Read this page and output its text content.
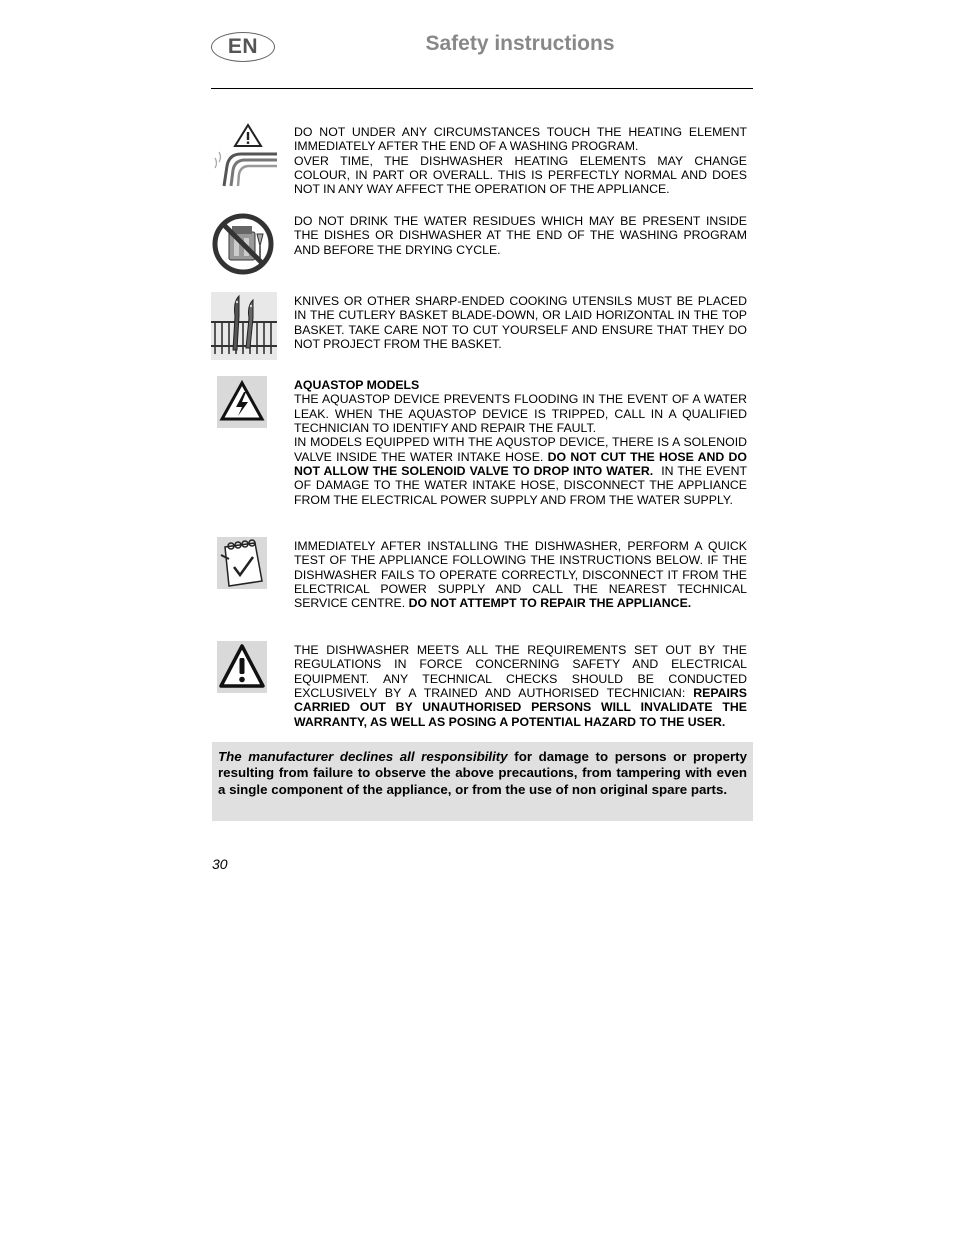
EN	Safety instructions

DO NOT UNDER ANY CIRCUMSTANCES TOUCH THE HEATING ELEMENT IMMEDIATELY AFTER THE END OF A WASHING PROGRAM.

OVER TIME, THE DISHWASHER HEATING ELEMENTS MAY CHANGE COLOUR, IN PART OR OVERALL. THIS IS PERFECTLY NORMAL AND DOES NOT IN ANY WAY AFFECT THE OPERATION OF THE APPLIANCE.

DO NOT DRINK THE WATER RESIDUES WHICH MAY BE PRESENT INSIDE THE DISHES OR DISHWASHER AT THE END OF THE WASHING PROGRAM AND BEFORE THE DRYING CYCLE.

KNIVES OR OTHER SHARP-ENDED COOKING UTENSILS MUST BE PLACED IN THE CUTLERY BASKET BLADE-DOWN, OR LAID HORIZONTAL IN THE TOP BASKET. TAKE CARE NOT TO CUT YOURSELF AND ENSURE THAT THEY DO NOT PROJECT FROM THE BASKET.

AQUASTOP MODELS

THE AQUASTOP DEVICE PREVENTS FLOODING IN THE EVENT OF A WATER LEAK. WHEN THE AQUASTOP DEVICE IS TRIPPED, CALL IN A QUALIFIED TECHNICIAN TO IDENTIFY AND REPAIR THE FAULT.

IN MODELS EQUIPPED WITH THE AQUSTOP DEVICE, THERE IS A SOLENOID VALVE INSIDE THE WATER INTAKE HOSE. DO NOT CUT THE HOSE AND DO NOT ALLOW THE SOLENOID VALVE TO DROP INTO WATER. IN THE EVENT OF DAMAGE TO THE WATER INTAKE HOSE, DISCONNECT THE APPLIANCE FROM THE ELECTRICAL POWER SUPPLY AND FROM THE WATER SUPPLY.

IMMEDIATELY AFTER INSTALLING THE DISHWASHER, PERFORM A QUICK TEST OF THE APPLIANCE FOLLOWING THE INSTRUCTIONS BELOW. IF THE DISHWASHER FAILS TO OPERATE CORRECTLY, DISCONNECT IT FROM THE ELECTRICAL POWER SUPPLY AND CALL THE NEAREST TECHNICAL SERVICE CENTRE. DO NOT ATTEMPT TO REPAIR THE APPLIANCE.

THE DISHWASHER MEETS ALL THE REQUIREMENTS SET OUT BY THE REGULATIONS IN FORCE CONCERNING SAFETY AND ELECTRICAL EQUIPMENT. ANY TECHNICAL CHECKS SHOULD BE CONDUCTED EXCLUSIVELY BY A TRAINED AND AUTHORISED TECHNICIAN: REPAIRS CARRIED OUT BY UNAUTHORISED PERSONS WILL INVALIDATE THE WARRANTY, AS WELL AS POSING A POTENTIAL HAZARD TO THE USER.

The manufacturer declines all responsibility for damage to persons or property resulting from failure to observe the above precautions, from tampering with even a single component of the appliance, or from the use of non original spare parts.
30
